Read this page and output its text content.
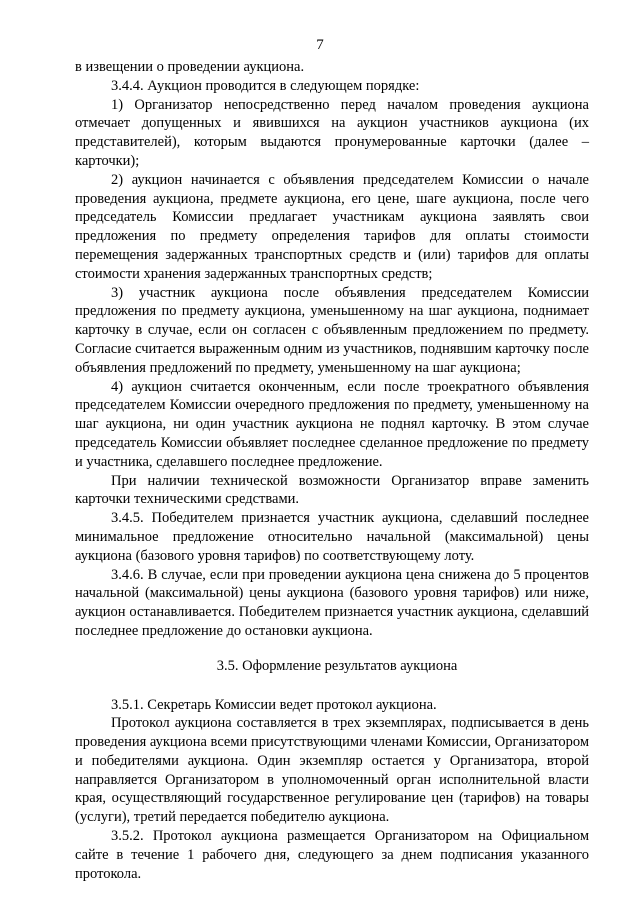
7

в извещении о проведении аукциона.

3.4.4. Аукцион проводится в следующем порядке:

1) Организатор непосредственно перед началом проведения аукциона отмечает допущенных и явившихся на аукцион участников аукциона (их представителей), которым выдаются пронумерованные карточки (далее – карточки);

2) аукцион начинается с объявления председателем Комиссии о начале проведения аукциона, предмете аукциона, его цене, шаге аукциона, после чего председатель Комиссии предлагает участникам аукциона заявлять свои предложения по предмету определения тарифов для оплаты стоимости перемещения задержанных транспортных средств и (или) тарифов для оплаты стоимости хранения задержанных транспортных средств;

3) участник аукциона после объявления председателем Комиссии предложения по предмету аукциона, уменьшенному на шаг аукциона, поднимает карточку в случае, если он согласен с объявленным предложением по предмету. Согласие считается выраженным одним из участников, поднявшим карточку после объявления предложений по предмету, уменьшенному на шаг аукциона;

4) аукцион считается оконченным, если после троекратного объявления председателем Комиссии очередного предложения по предмету, уменьшенному на шаг аукциона, ни один участник аукциона не поднял карточку. В этом случае председатель Комиссии объявляет последнее сделанное предложение по предмету и участника, сделавшего последнее предложение.

При наличии технической возможности Организатор вправе заменить карточки техническими средствами.

3.4.5. Победителем признается участник аукциона, сделавший последнее минимальное предложение относительно начальной (максимальной) цены аукциона (базового уровня тарифов) по соответствующему лоту.

3.4.6. В случае, если при проведении аукциона цена снижена до 5 процентов начальной (максимальной) цены аукциона (базового уровня тарифов) или ниже, аукцион останавливается. Победителем признается участник аукциона, сделавший последнее предложение до остановки аукциона.

3.5. Оформление результатов аукциона

3.5.1. Секретарь Комиссии ведет протокол аукциона.

Протокол аукциона составляется в трех экземплярах, подписывается в день проведения аукциона всеми присутствующими членами Комиссии, Организатором и победителями аукциона. Один экземпляр остается у Организатора, второй направляется Организатором в уполномоченный орган исполнительной власти края, осуществляющий государственное регулирование цен (тарифов) на товары (услуги), третий передается победителю аукциона.

3.5.2. Протокол аукциона размещается Организатором на Официальном сайте в течение 1 рабочего дня, следующего за днем подписания указанного протокола.
